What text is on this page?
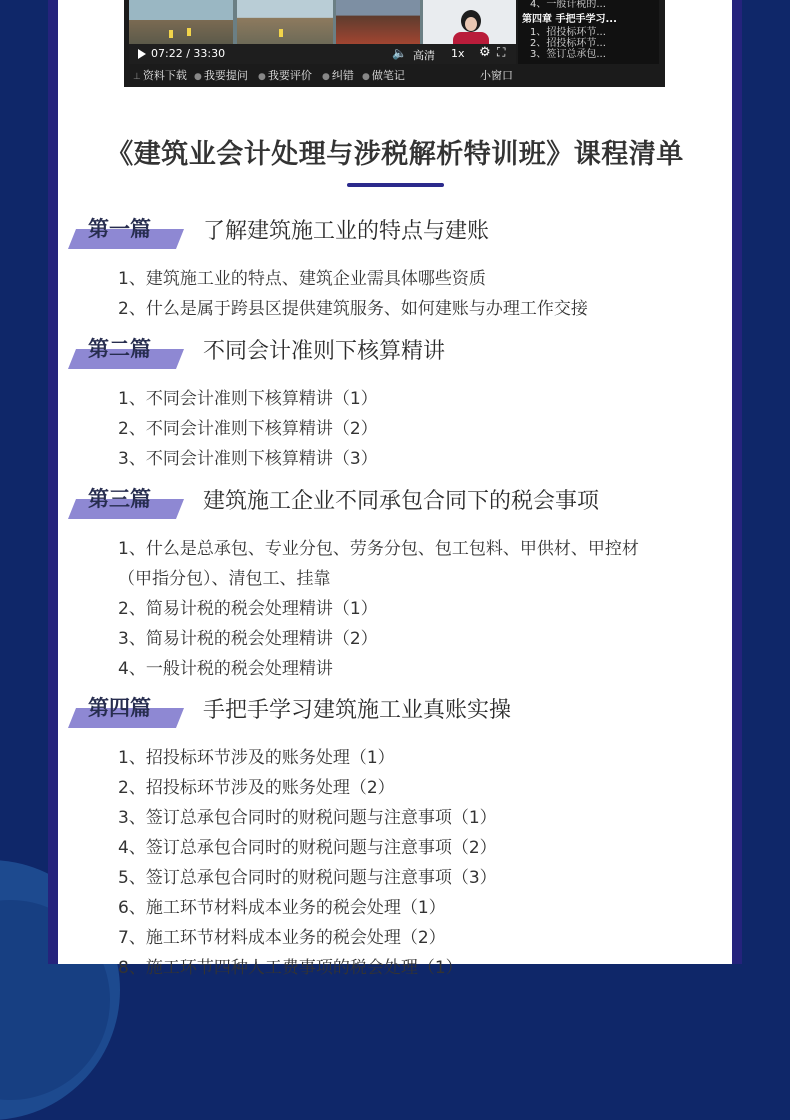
07:22 / 33:30	🔈 高清 1x ⚙ ⛶
4、一般计税的...
第四章 手把手学习...
1、招投标环节...
2、招投标环节...
3、签订总承包...
⊥ 资料下载 ● 我要提问 ● 我要评价 ● 纠错 ● 做笔记	小窗口
《建筑业会计处理与涉税解析特训班》课程清单
第一篇 了解建筑施工业的特点与建账
1、建筑施工业的特点、建筑企业需具体哪些资质
2、什么是属于跨县区提供建筑服务、如何建账与办理工作交接
第二篇 不同会计准则下核算精讲
1、不同会计准则下核算精讲（1）
2、不同会计准则下核算精讲（2）
3、不同会计准则下核算精讲（3）
第三篇 建筑施工企业不同承包合同下的税会事项
1、什么是总承包、专业分包、劳务分包、包工包料、甲供材、甲控材
（甲指分包）、清包工、挂靠
2、简易计税的税会处理精讲（1）
3、简易计税的税会处理精讲（2）
4、一般计税的税会处理精讲
第四篇 手把手学习建筑施工业真账实操
1、招投标环节涉及的账务处理（1）
2、招投标环节涉及的账务处理（2）
3、签订总承包合同时的财税问题与注意事项（1）
4、签订总承包合同时的财税问题与注意事项（2）
5、签订总承包合同时的财税问题与注意事项（3）
6、施工环节材料成本业务的税会处理（1）
7、施工环节材料成本业务的税会处理（2）
8、施工环节四种人工费事项的税会处理（1）
